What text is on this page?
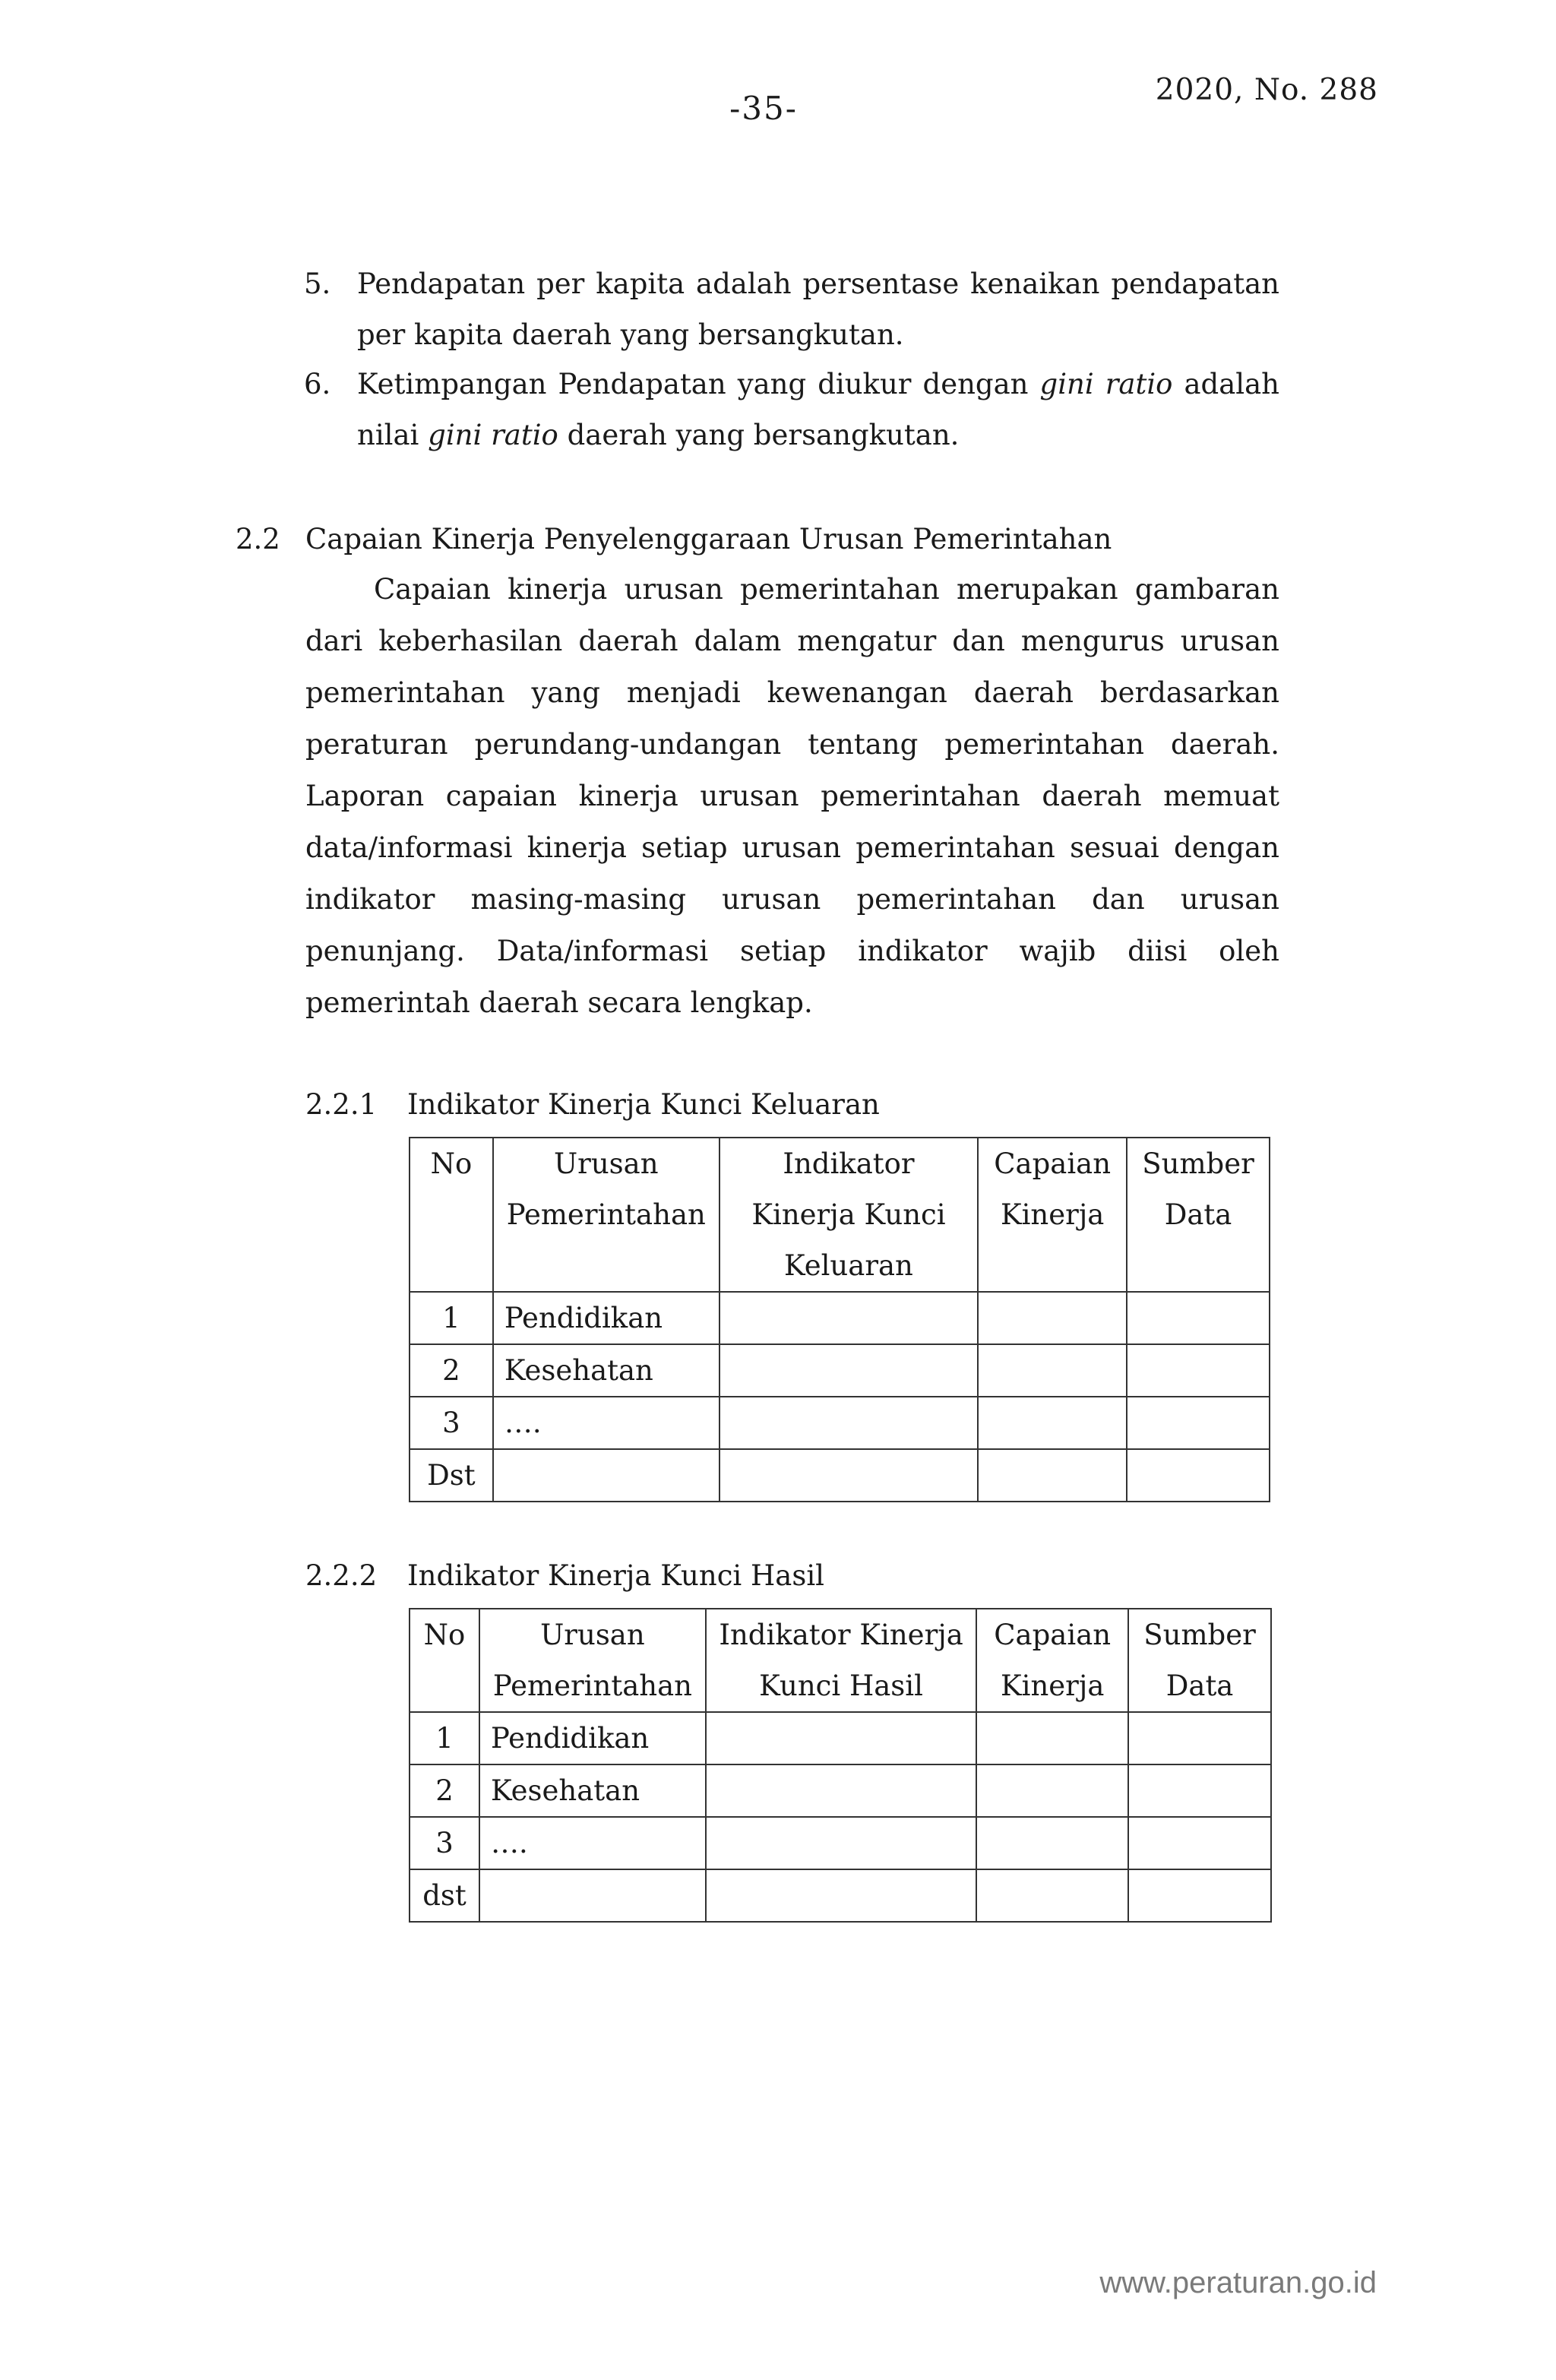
-35-	2020, No. 288
5. Pendapatan per kapita adalah persentase kenaikan pendapatan per kapita daerah yang bersangkutan.
6. Ketimpangan Pendapatan yang diukur dengan gini ratio adalah nilai gini ratio daerah yang bersangkutan.
2.2 Capaian Kinerja Penyelenggaraan Urusan Pemerintahan
Capaian kinerja urusan pemerintahan merupakan gambaran dari keberhasilan daerah dalam mengatur dan mengurus urusan pemerintahan yang menjadi kewenangan daerah berdasarkan peraturan perundang-undangan tentang pemerintahan daerah. Laporan capaian kinerja urusan pemerintahan daerah memuat data/informasi kinerja setiap urusan pemerintahan sesuai dengan indikator masing-masing urusan pemerintahan dan urusan penunjang. Data/informasi setiap indikator wajib diisi oleh pemerintah daerah secara lengkap.
2.2.1 Indikator Kinerja Kunci Keluaran
No	Urusan Pemerintahan	Indikator Kinerja Kunci Keluaran	Capaian Kinerja	Sumber Data
1	Pendidikan			
2	Kesehatan			
3	….			
Dst				
2.2.2 Indikator Kinerja Kunci Hasil
No	Urusan Pemerintahan	Indikator Kinerja Kunci Hasil	Capaian Kinerja	Sumber Data
1	Pendidikan			
2	Kesehatan			
3	….			
dst				
www.peraturan.go.id
